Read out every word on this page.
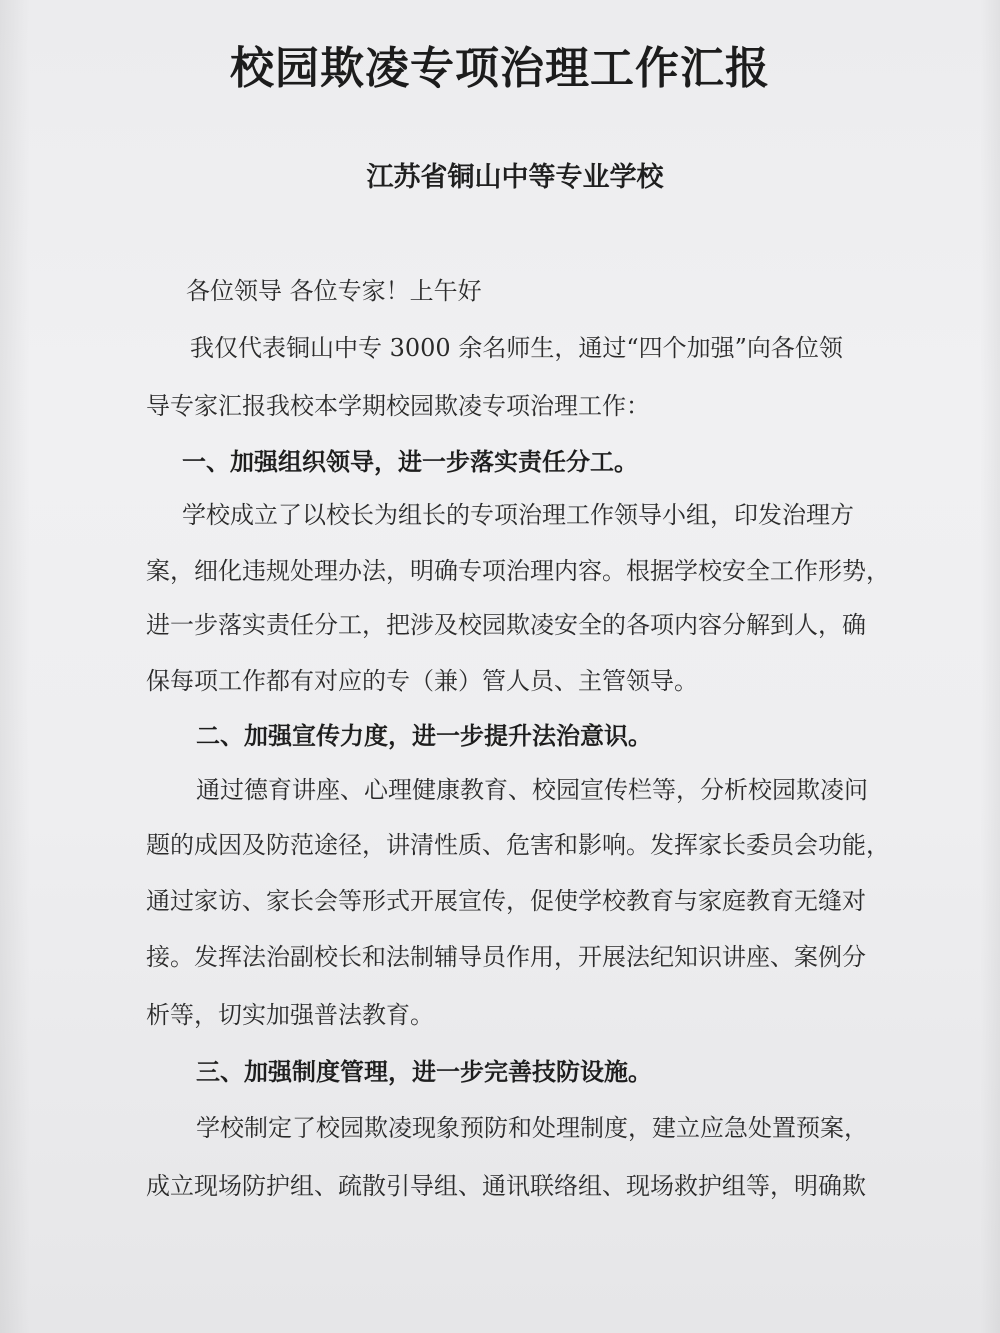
校园欺凌专项治理工作汇报
江苏省铜山中等专业学校
各位领导 各位专家！上午好
我仅代表铜山中专 3000 余名师生，通过“四个加强”向各位领
导专家汇报我校本学期校园欺凌专项治理工作：
一、加强组织领导，进一步落实责任分工。
学校成立了以校长为组长的专项治理工作领导小组，印发治理方
案，细化违规处理办法，明确专项治理内容。根据学校安全工作形势，
进一步落实责任分工，把涉及校园欺凌安全的各项内容分解到人，确
保每项工作都有对应的专（兼）管人员、主管领导。
二、加强宣传力度，进一步提升法治意识。
通过德育讲座、心理健康教育、校园宣传栏等，分析校园欺凌问
题的成因及防范途径，讲清性质、危害和影响。发挥家长委员会功能，
通过家访、家长会等形式开展宣传，促使学校教育与家庭教育无缝对
接。发挥法治副校长和法制辅导员作用，开展法纪知识讲座、案例分
析等，切实加强普法教育。
三、加强制度管理，进一步完善技防设施。
学校制定了校园欺凌现象预防和处理制度，建立应急处置预案，
成立现场防护组、疏散引导组、通讯联络组、现场救护组等，明确欺
